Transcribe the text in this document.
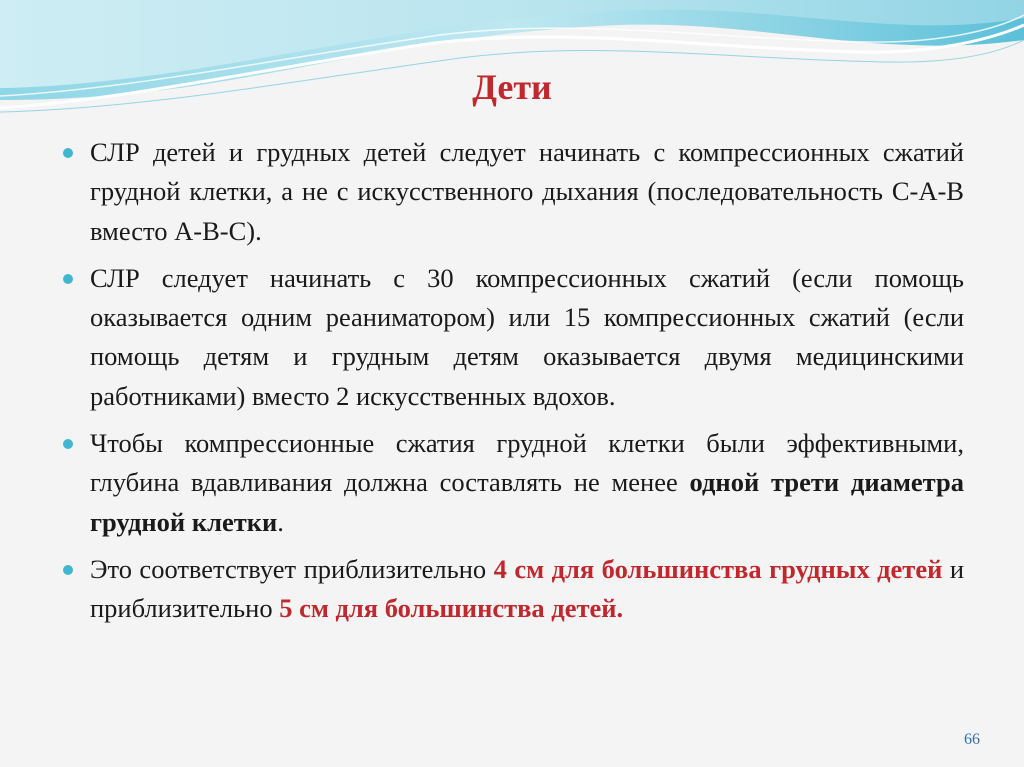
Дети
СЛР детей и грудных детей следует начинать с компрессионных сжатий грудной клетки, а не с искусственного дыхания (последовательность C-A-B вместо A-B-C).
СЛР следует начинать с 30 компрессионных сжатий (если помощь оказывается одним реаниматором) или 15 компрессионных сжатий (если помощь детям и грудным детям оказывается двумя медицинскими работниками) вместо 2 искусственных вдохов.
Чтобы компрессионные сжатия грудной клетки были эффективными, глубина вдавливания должна составлять не менее одной трети диаметра грудной клетки.
Это соответствует приблизительно 4 см для большинства грудных детей и приблизительно 5 см для большинства детей.
66
